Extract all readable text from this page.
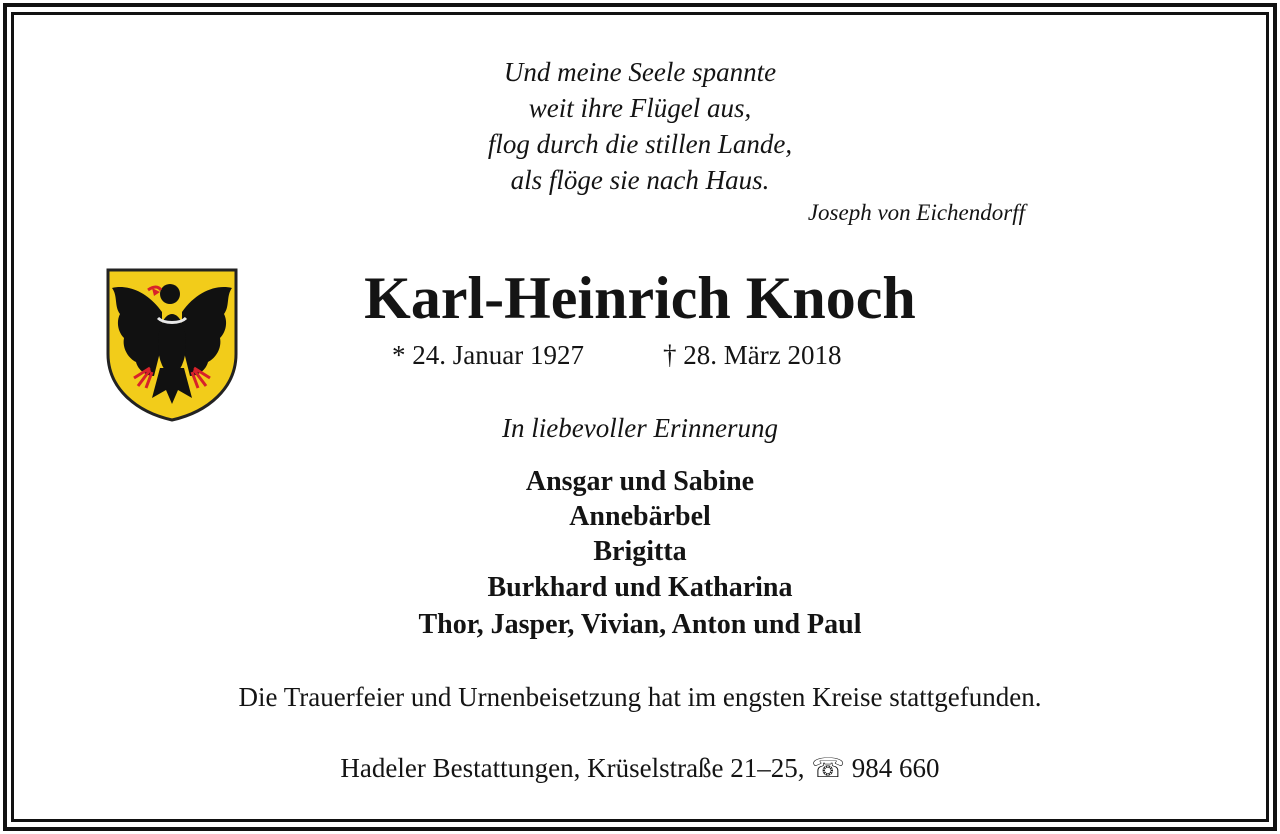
Und meine Seele spannte
weit ihre Flügel aus,
flog durch die stillen Lande,
als flöge sie nach Haus.
Joseph von Eichendorff
Karl-Heinrich Knoch
* 24. Januar 1927	† 28. März 2018
In liebevoller Erinnerung
Ansgar und Sabine
Annebärbel
Brigitta
Burkhard und Katharina
Thor, Jasper, Vivian, Anton und Paul
Die Trauerfeier und Urnenbeisetzung hat im engsten Kreise stattgefunden.
Hadeler Bestattungen, Krüselstraße 21–25, ☏ 984 660
